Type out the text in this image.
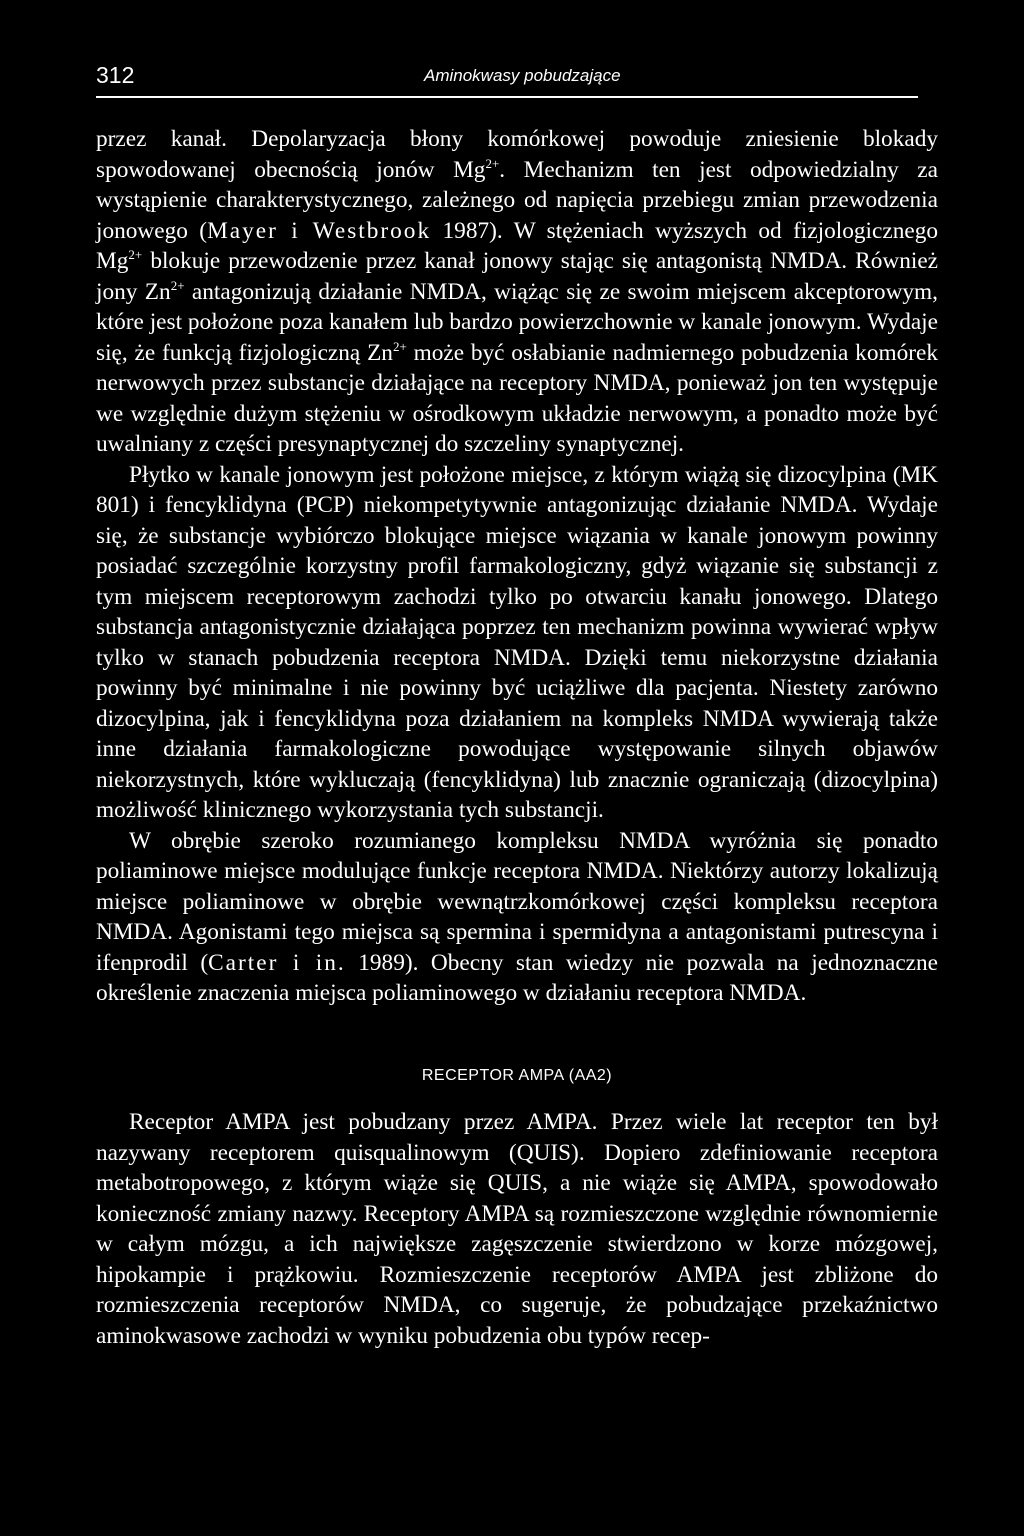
312	Aminokwasy pobudzające

przez kanał. Depolaryzacja błony komórkowej powoduje zniesienie blokady spowodowanej obecnością jonów $Mg^{2+}$. Mechanizm ten jest odpowiedzialny za wystąpienie charakterystycznego, zależnego od napięcia przebiegu zmian przewodzenia jonowego (Mayer i Westbrook 1987). W stężeniach wyższych od fizjologicznego $Mg^{2+}$ blokuje przewodzenie przez kanał jonowy stając się antagonistą NMDA. Również jony $Zn^{2+}$ antagonizują działanie NMDA, wiążąc się ze swoim miejscem akceptorowym, które jest położone poza kanałem lub bardzo powierzchownie w kanale jonowym. Wydaje się, że funkcją fizjologiczną $Zn^{2+}$ może być osłabianie nadmiernego pobudzenia komórek nerwowych przez substancje działające na receptory NMDA, ponieważ jon ten występuje we względnie dużym stężeniu w ośrodkowym układzie nerwowym, a ponadto może być uwalniany z części presynaptycznej do szczeliny synaptycznej.

Płytko w kanale jonowym jest położone miejsce, z którym wiążą się dizocylpina (MK 801) i fencyklidyna (PCP) niekompetytywnie antagonizując działanie NMDA. Wydaje się, że substancje wybiórczo blokujące miejsce wiązania w kanale jonowym powinny posiadać szczególnie korzystny profil farmakologiczny, gdyż wiązanie się substancji z tym miejscem receptorowym zachodzi tylko po otwarciu kanału jonowego. Dlatego substancja antagonistycznie działająca poprzez ten mechanizm powinna wywierać wpływ tylko w stanach pobudzenia receptora NMDA. Dzięki temu niekorzystne działania powinny być minimalne i nie powinny być uciążliwe dla pacjenta. Niestety zarówno dizocylpina, jak i fencyklidyna poza działaniem na kompleks NMDA wywierają także inne działania farmakologiczne powodujące występowanie silnych objawów niekorzystnych, które wykluczają (fencyklidyna) lub znacznie ograniczają (dizocylpina) możliwość klinicznego wykorzystania tych substancji.

W obrębie szeroko rozumianego kompleksu NMDA wyróżnia się ponadto poliaminowe miejsce modulujące funkcje receptora NMDA. Niektórzy autorzy lokalizują miejsce poliaminowe w obrębie wewnątrzkomórkowej części kompleksu receptora NMDA. Agonistami tego miejsca są spermina i spermidyna a antagonistami putrescyna i ifenprodil (Carter i in. 1989). Obecny stan wiedzy nie pozwala na jednoznaczne określenie znaczenia miejsca poliaminowego w działaniu receptora NMDA.

RECEPTOR AMPA (AA2)

Receptor AMPA jest pobudzany przez AMPA. Przez wiele lat receptor ten był nazywany receptorem quisqualinowym (QUIS). Dopiero zdefiniowanie receptora metabotropowego, z którym wiąże się QUIS, a nie wiąże się AMPA, spowodowało konieczność zmiany nazwy. Receptory AMPA są rozmieszczone względnie równomiernie w całym mózgu, a ich największe zagęszczenie stwierdzono w korze mózgowej, hipokampie i prążkowiu. Rozmieszczenie receptorów AMPA jest zbliżone do rozmieszczenia receptorów NMDA, co sugeruje, że pobudzające przekaźnictwo aminokwasowe zachodzi w wyniku pobudzenia obu typów recep-
